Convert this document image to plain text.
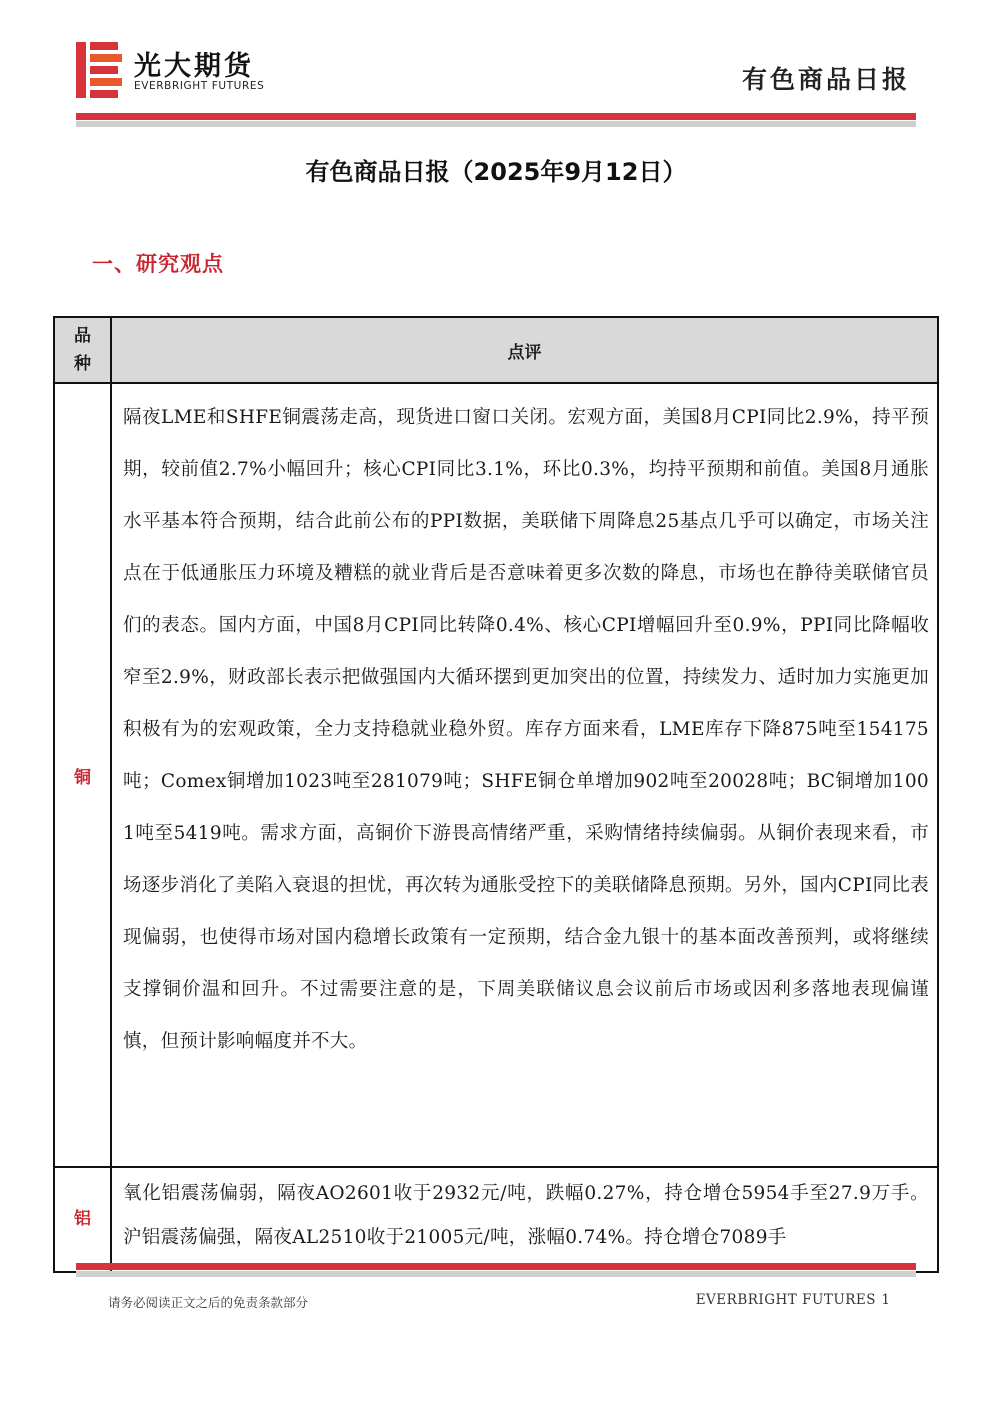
光大期货
EVERBRIGHT FUTURES	有色商品日报
有色商品日报（2025年9月12日）
一、研究观点
品种
点评
铜
隔夜LME和SHFE铜震荡走高，现货进口窗口关闭。宏观方面，美国8月CPI同比2.9%，持平预期，较前值2.7%小幅回升；核心CPI同比3.1%，环比0.3%，均持平预期和前值。美国8月通胀水平基本符合预期，结合此前公布的PPI数据，美联储下周降息25基点几乎可以确定，市场关注点在于低通胀压力环境及糟糕的就业背后是否意味着更多次数的降息，市场也在静待美联储官员们的表态。国内方面，中国8月CPI同比转降0.4%、核心CPI增幅回升至0.9%，PPI同比降幅收窄至2.9%，财政部长表示把做强国内大循环摆到更加突出的位置，持续发力、适时加力实施更加积极有为的宏观政策，全力支持稳就业稳外贸。库存方面来看，LME库存下降875吨至154175吨；Comex铜增加1023吨至281079吨；SHFE铜仓单增加902吨至20028吨；BC铜增加1001吨至5419吨。需求方面，高铜价下游畏高情绪严重，采购情绪持续偏弱。从铜价表现来看，市场逐步消化了美陷入衰退的担忧，再次转为通胀受控下的美联储降息预期。另外，国内CPI同比表现偏弱，也使得市场对国内稳增长政策有一定预期，结合金九银十的基本面改善预判，或将继续支撑铜价温和回升。不过需要注意的是，下周美联储议息会议前后市场或因利多落地表现偏谨慎，但预计影响幅度并不大。
铝
氧化铝震荡偏弱，隔夜AO2601收于2932元/吨，跌幅0.27%，持仓增仓5954手至27.9万手。沪铝震荡偏强，隔夜AL2510收于21005元/吨，涨幅0.74%。持仓增仓7089手
请务必阅读正文之后的免责条款部分	EVERBRIGHT FUTURES 1
